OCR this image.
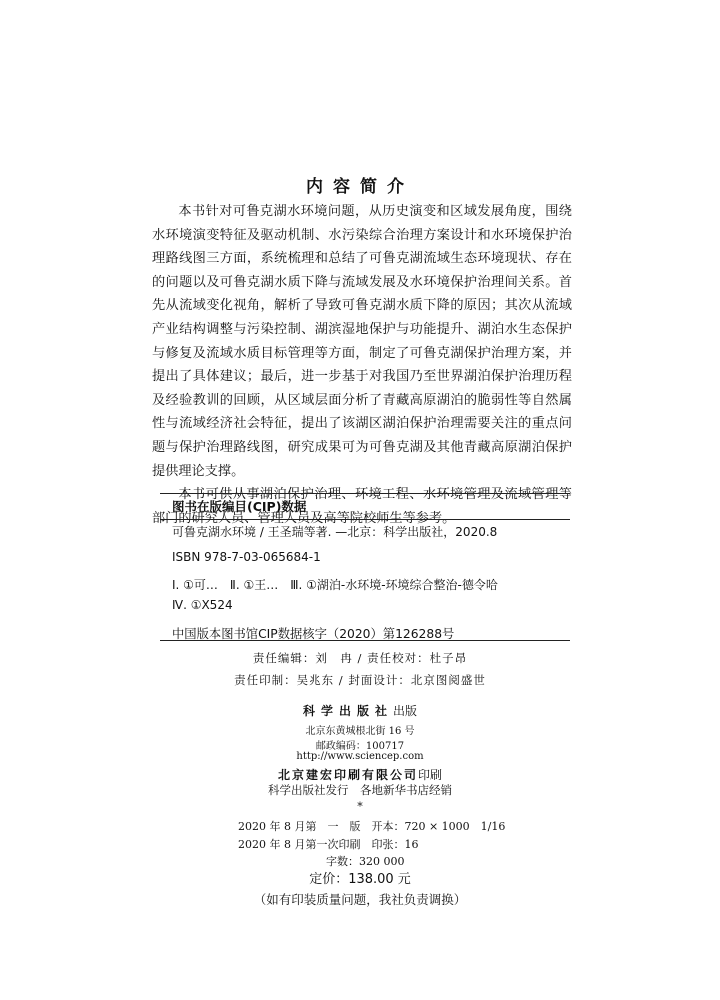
内容简介

本书针对可鲁克湖水环境问题，从历史演变和区域发展角度，围绕水环境演变特征及驱动机制、水污染综合治理方案设计和水环境保护治理路线图三方面，系统梳理和总结了可鲁克湖流域生态环境现状、存在的问题以及可鲁克湖水质下降与流域发展及水环境保护治理间关系。首先从流域变化视角，解析了导致可鲁克湖水质下降的原因；其次从流域产业结构调整与污染控制、湖滨湿地保护与功能提升、湖泊水生态保护与修复及流域水质目标管理等方面，制定了可鲁克湖保护治理方案，并提出了具体建议；最后，进一步基于对我国乃至世界湖泊保护治理历程及经验教训的回顾，从区域层面分析了青藏高原湖泊的脆弱性等自然属性与流域经济社会特征，提出了该湖区湖泊保护治理需要关注的重点问题与保护治理路线图，研究成果可为可鲁克湖及其他青藏高原湖泊保护提供理论支撑。

本书可供从事湖泊保护治理、环境工程、水环境管理及流域管理等部门的研究人员、管理人员及高等院校师生等参考。

图书在版编目(CIP)数据
可鲁克湖水环境 / 王圣瑞等著. —北京：科学出版社，2020.8
ISBN 978-7-03-065684-1
Ⅰ. ①可…　Ⅱ. ①王…　Ⅲ. ①湖泊-水环境-环境综合整治-德令哈
Ⅳ. ①X524
中国版本图书馆CIP数据核字（2020）第126288号
责任编辑：刘　冉 / 责任校对：杜子昂
责任印制：吴兆东 / 封面设计：北京图阅盛世
科学出版社出版
北京东黄城根北街 16 号
邮政编码：100717
http://www.sciencep.com
北京建宏印刷有限公司印刷
科学出版社发行　各地新华书店经销
*
2020 年 8 月第　一　版　开本：720 × 1000　1/16
2020 年 8 月第一次印刷　印张：16
字数：320 000
定价：138.00 元
（如有印装质量问题，我社负责调换）
